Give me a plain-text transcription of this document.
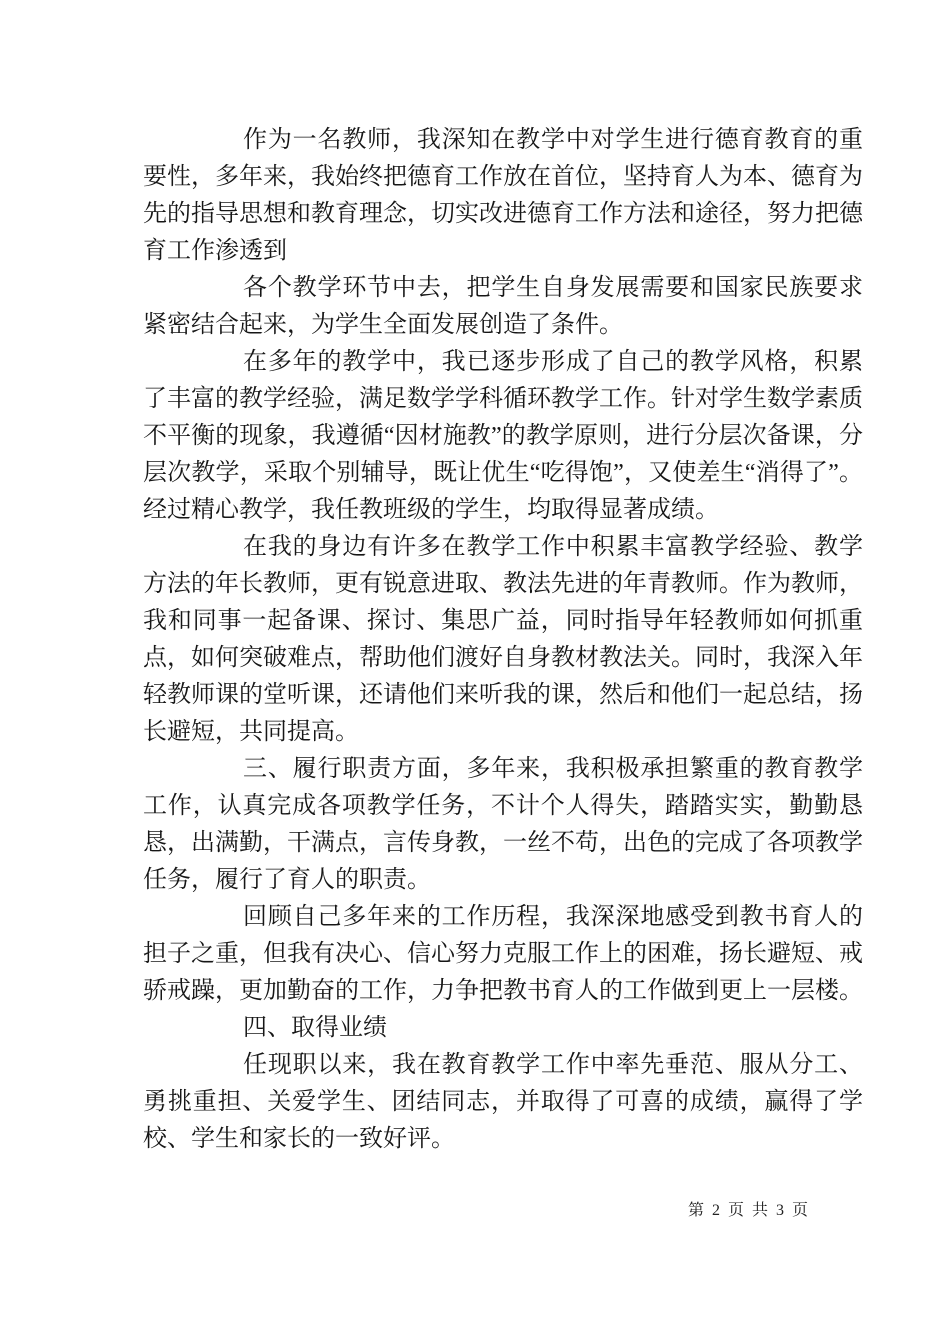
作为一名教师，我深知在教学中对学生进行德育教育的重要性，多年来，我始终把德育工作放在首位，坚持育人为本、德育为先的指导思想和教育理念，切实改进德育工作方法和途径，努力把德育工作渗透到

各个教学环节中去，把学生自身发展需要和国家民族要求紧密结合起来，为学生全面发展创造了条件。

在多年的教学中，我已逐步形成了自己的教学风格，积累了丰富的教学经验，满足数学学科循环教学工作。针对学生数学素质不平衡的现象，我遵循“因材施教”的教学原则，进行分层次备课，分层次教学，采取个别辅导，既让优生“吃得饱”，又使差生“消得了”。经过精心教学，我任教班级的学生，均取得显著成绩。

在我的身边有许多在教学工作中积累丰富教学经验、教学方法的年长教师，更有锐意进取、教法先进的年青教师。作为教师，我和同事一起备课、探讨、集思广益，同时指导年轻教师如何抓重点，如何突破难点，帮助他们渡好自身教材教法关。同时，我深入年轻教师课的堂听课，还请他们来听我的课，然后和他们一起总结，扬长避短，共同提高。

三、履行职责方面，多年来，我积极承担繁重的教育教学工作，认真完成各项教学任务，不计个人得失，踏踏实实，勤勤恳恳，出满勤，干满点，言传身教，一丝不苟，出色的完成了各项教学任务，履行了育人的职责。

回顾自己多年来的工作历程，我深深地感受到教书育人的担子之重，但我有决心、信心努力克服工作上的困难，扬长避短、戒骄戒躁，更加勤奋的工作，力争把教书育人的工作做到更上一层楼。

四、取得业绩

任现职以来，我在教育教学工作中率先垂范、服从分工、勇挑重担、关爱学生、团结同志，并取得了可喜的成绩，赢得了学校、学生和家长的一致好评。

第 2 页 共 3 页
